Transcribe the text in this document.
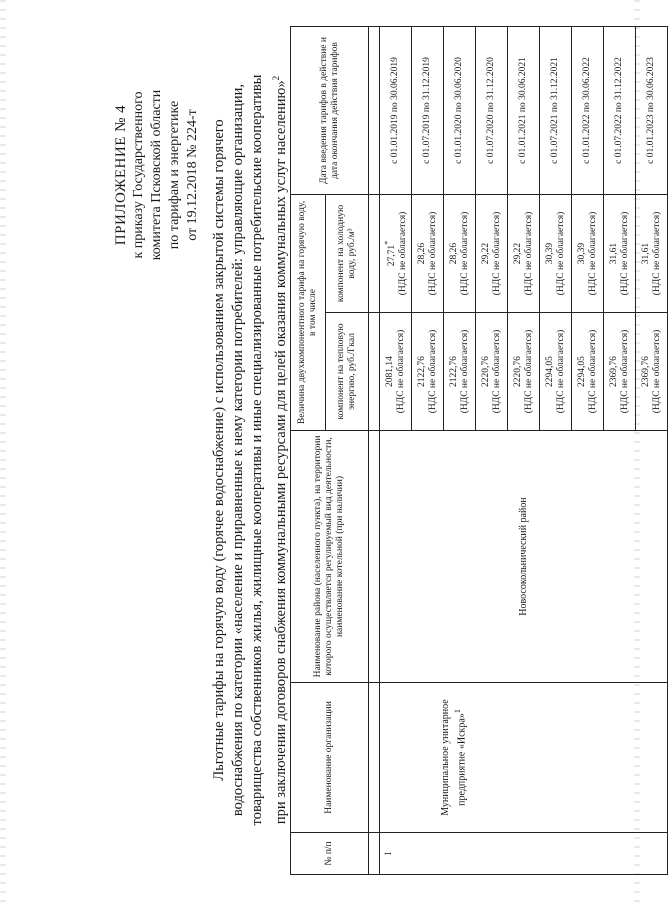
ПРИЛОЖЕНИЕ № 4 к приказу Государственного комитета Псковской области по тарифам и энергетике от 19.12.2018 № 224-т Льготные тарифы на горячую воду (горячее водоснабжение) с использованием закрытой системы горячего водоснабжения по категории «население и приравненные к нему категории потребителей: управляющие организации, товарищества собственников жилья, жилищные кооперативы и иные специализированные потребительские кооперативы при заключении договоров снабжения коммунальными ресурсами для целей оказания коммунальных услуг населению»$^2$
№ п/п	Наименование организации	Наименование района (населенного пункта), на территории которого осуществляется регулируемый вид деятельности, наименование котельной (при наличии)	Величина двухкомпонентного тарифа на горячую воду, в том числе		Дата введения тарифов в действие и дата окончания действия тарифов
			компонент на тепловую энергию, руб./Гкал	компонент на холодную воду, руб./м³	

1	Муниципальное унитарное предприятие «Искра»$^1$	Новосокольнический район	2081,14 (НДС не облагается)	27,71* (НДС не облагается)	с 01.01.2019 по 30.06.2019
			2122,76 (НДС не облагается)	28,26 (НДС не облагается)	с 01.07.2019 по 31.12.2019
			2122,76 (НДС не облагается)	28,26 (НДС не облагается)	с 01.01.2020 по 30.06.2020
			2220,76 (НДС не облагается)	29,22 (НДС не облагается)	с 01.07.2020 по 31.12.2020
			2220,76 (НДС не облагается)	29,22 (НДС не облагается)	с 01.01.2021 по 30.06.2021
			2294,05 (НДС не облагается)	30,39 (НДС не облагается)	с 01.07.2021 по 31.12.2021
			2294,05 (НДС не облагается)	30,39 (НДС не облагается)	с 01.01.2022 по 30.06.2022
			2369,76 (НДС не облагается)	31,61 (НДС не облагается)	с 01.07.2022 по 31.12.2022
			2369,76 (НДС не облагается)	31,61 (НДС не облагается)	с 01.01.2023 по 30.06.2023
